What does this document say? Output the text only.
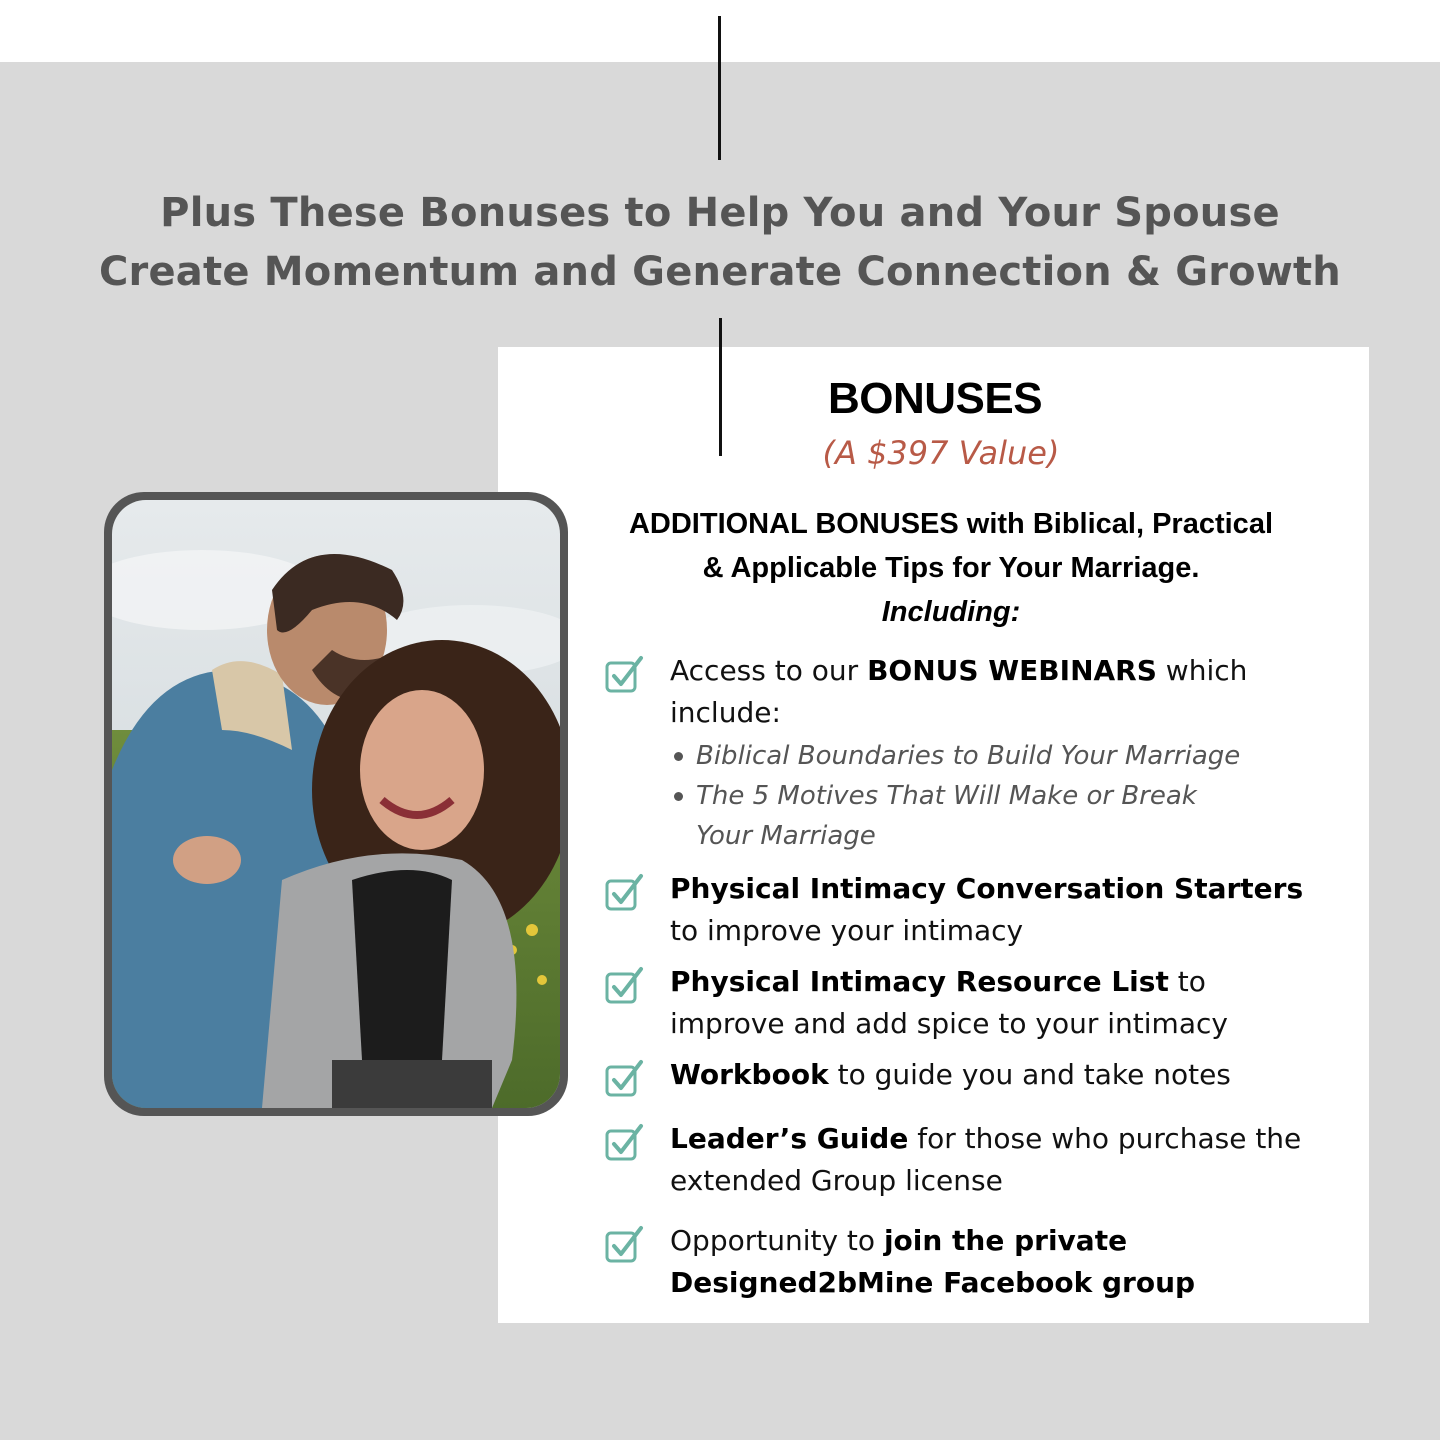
Plus These Bonuses to Help You and Your Spouse
Create Momentum and Generate Connection & Growth
BONUSES
(A $397 Value)
ADDITIONAL BONUSES with Biblical, Practical
& Applicable Tips for Your Marriage.
Including:
Access to our BONUS WEBINARS which include:
Biblical Boundaries to Build Your Marriage
The 5 Motives That Will Make or Break Your Marriage
Physical Intimacy Conversation Starters to improve your intimacy
Physical Intimacy Resource List to improve and add spice to your intimacy
Workbook to guide you and take notes
Leader’s Guide for those who purchase the extended Group license
Opportunity to join the private Designed2bMine Facebook group
